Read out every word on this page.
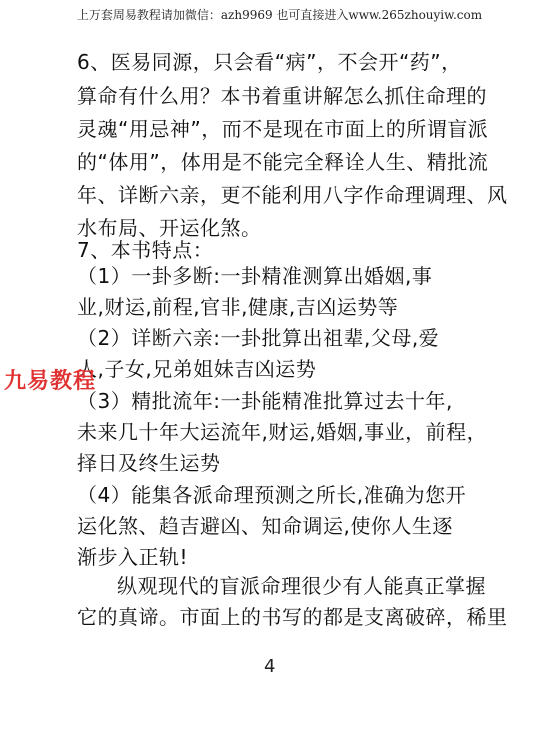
上万套周易教程请加微信：azh9969 也可直接进入www.265zhouyiw.com
6、医易同源，只会看“病”，不会开“药”，
算命有什么用？本书着重讲解怎么抓住命理的
灵魂“用忌神”，而不是现在市面上的所谓盲派
的“体用”，体用是不能完全释诠人生、精批流
年、详断六亲，更不能利用八字作命理调理、风
水布局、开运化煞。
7、本书特点：
（1）一卦多断:一卦精准测算出婚姻,事
业,财运,前程,官非,健康,吉凶运势等
（2）详断六亲:一卦批算出祖辈,父母,爱
人,子女,兄弟姐妹吉凶运势
（3）精批流年:一卦能精准批算过去十年,
未来几十年大运流年,财运,婚姻,事业，前程，
择日及终生运势
（4）能集各派命理预测之所长,准确为您开
运化煞、趋吉避凶、知命调运,使你人生逐
渐步入正轨!
纵观现代的盲派命理很少有人能真正掌握
它的真谛。市面上的书写的都是支离破碎，稀里
九易教程
4
